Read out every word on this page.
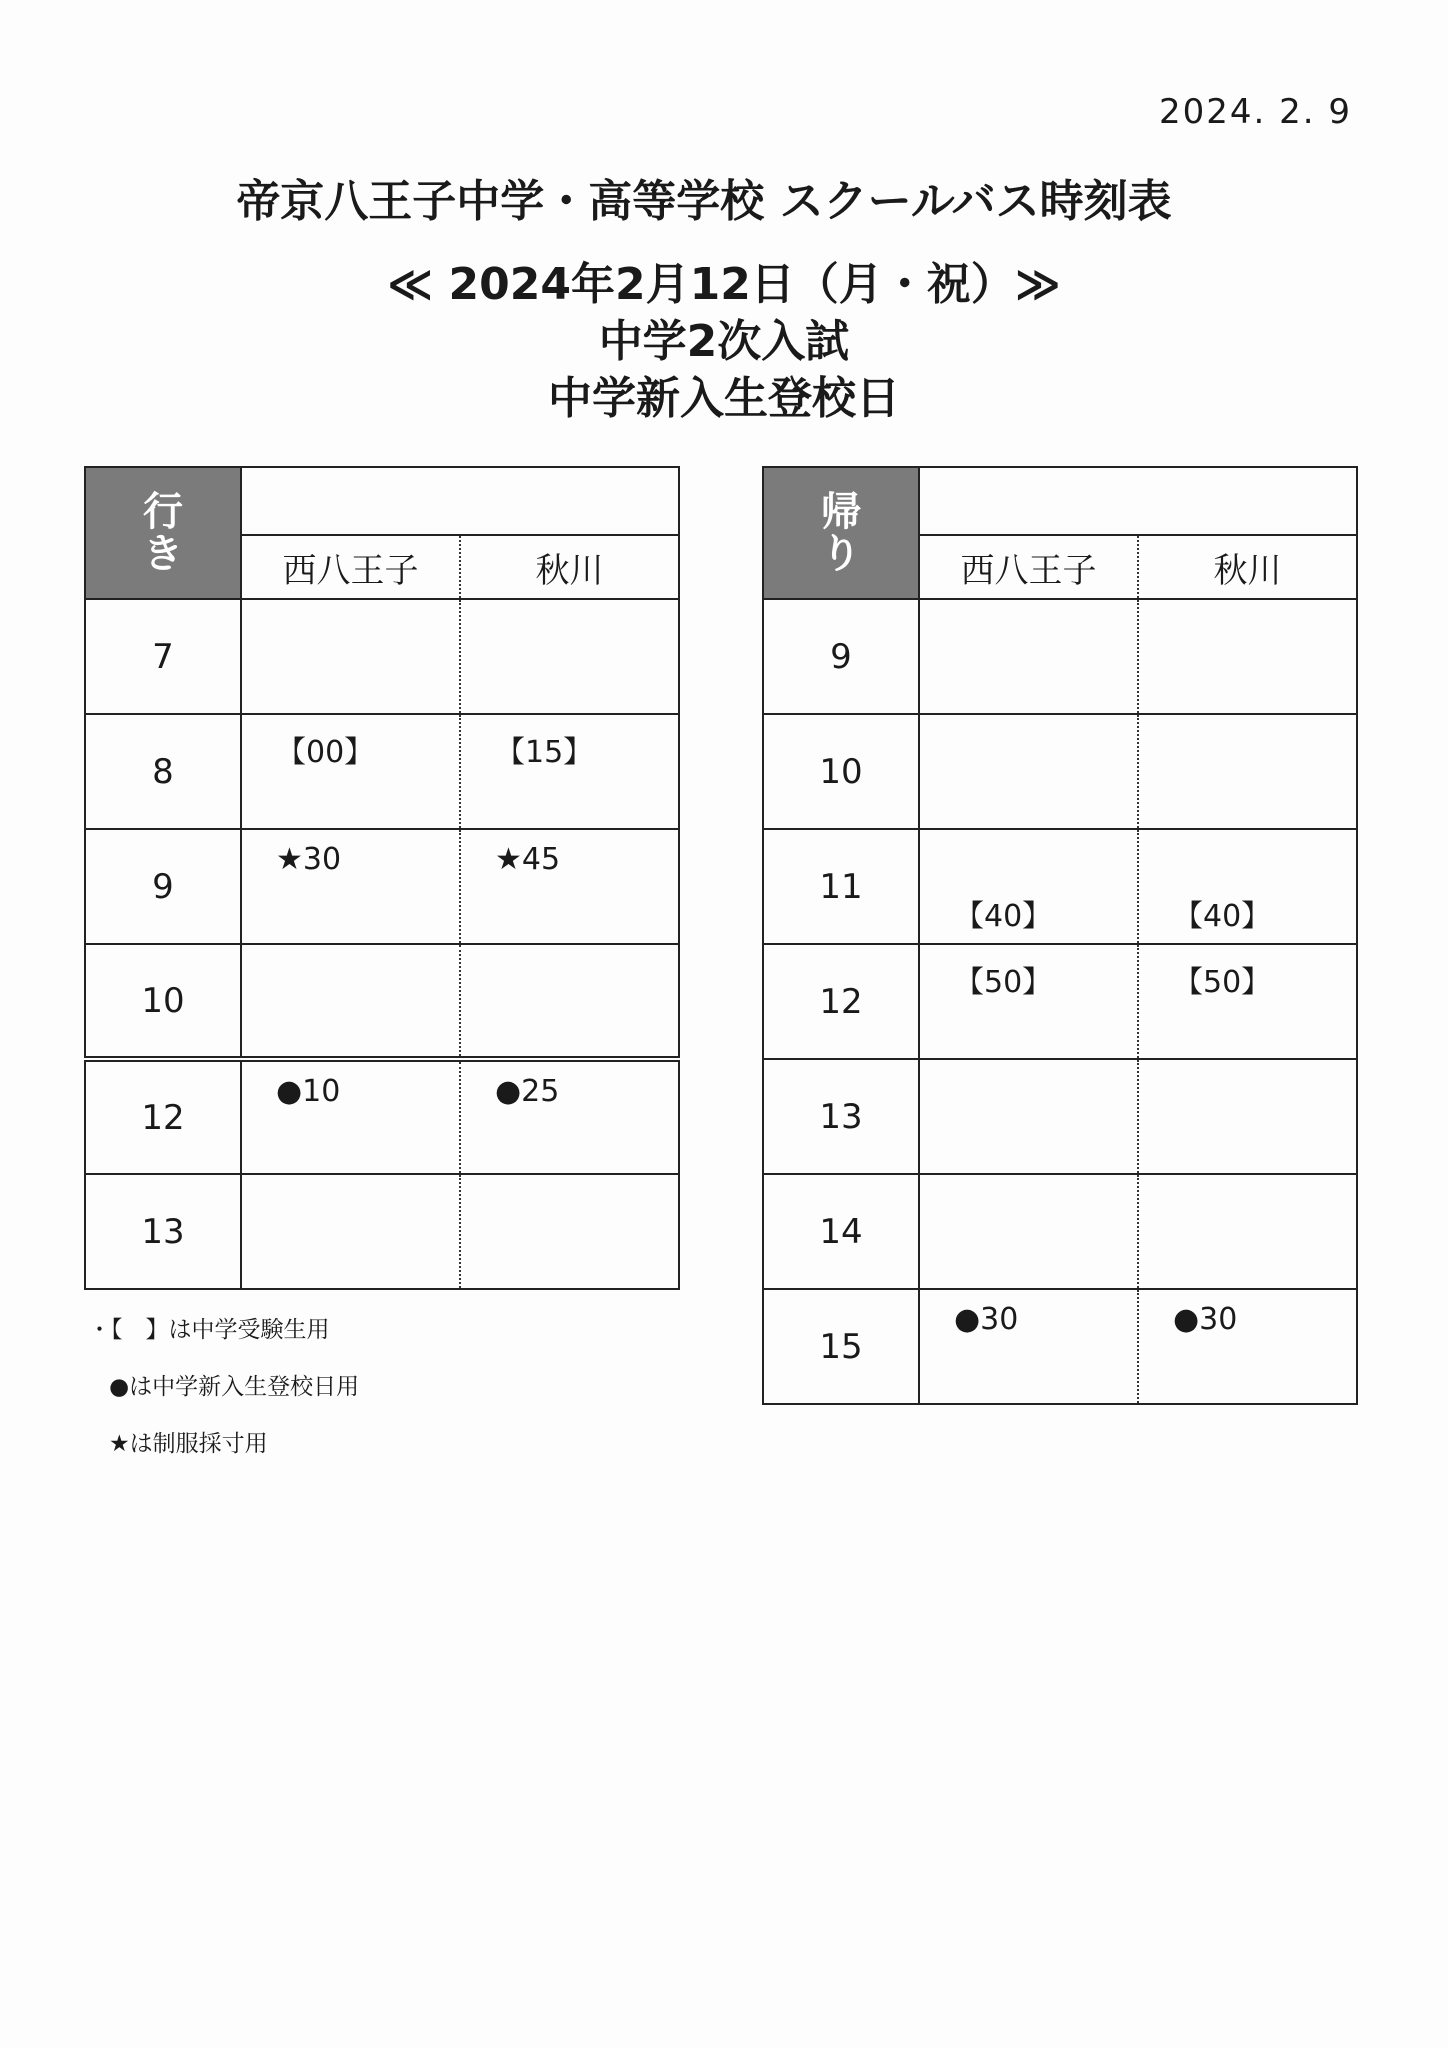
2024. 2. 9
帝京八王子中学・高等学校 スクールバス時刻表
≪ 2024年2月12日（月・祝）≫
中学2次入試
中学新入生登校日
行き		
	西八王子	秋川
7	

8	【00】	【15】

9	★30	★45

10	

12	●10	●25

13	

帰り		
	西八王子	秋川
9	

10	

11	【40】	【40】

12	【50】	【50】

13	

14	

15	●30	●30
・【　】は中学受験生用
●は中学新入生登校日用
★は制服採寸用
